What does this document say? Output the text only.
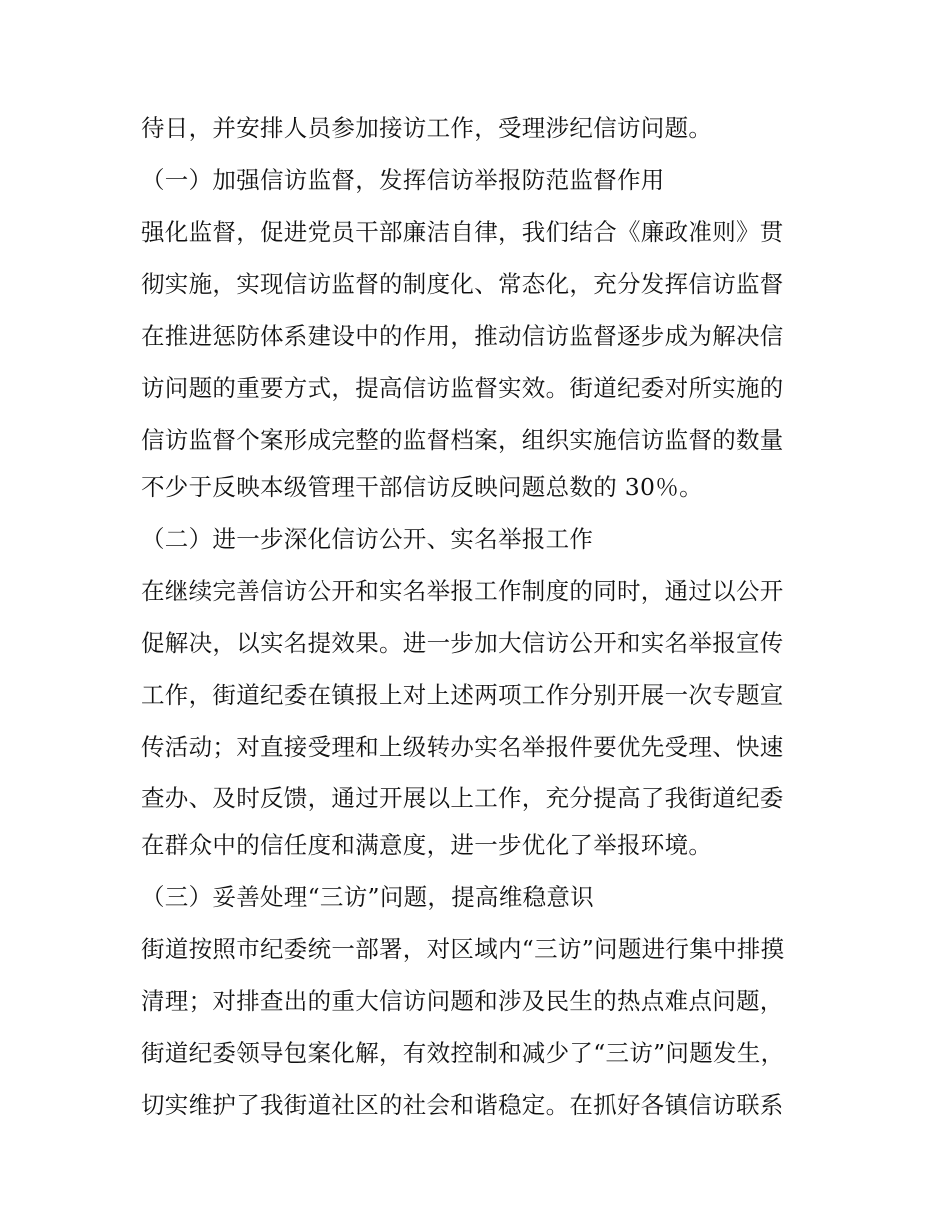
待日，并安排人员参加接访工作，受理涉纪信访问题。
（一）加强信访监督，发挥信访举报防范监督作用
强化监督，促进党员干部廉洁自律，我们结合《廉政准则》贯
彻实施，实现信访监督的制度化、常态化，充分发挥信访监督
在推进惩防体系建设中的作用，推动信访监督逐步成为解决信
访问题的重要方式，提高信访监督实效。街道纪委对所实施的
信访监督个案形成完整的监督档案，组织实施信访监督的数量
不少于反映本级管理干部信访反映问题总数的 30％。
（二）进一步深化信访公开、实名举报工作
在继续完善信访公开和实名举报工作制度的同时，通过以公开
促解决，以实名提效果。进一步加大信访公开和实名举报宣传
工作，街道纪委在镇报上对上述两项工作分别开展一次专题宣
传活动；对直接受理和上级转办实名举报件要优先受理、快速
查办、及时反馈，通过开展以上工作，充分提高了我街道纪委
在群众中的信任度和满意度，进一步优化了举报环境。
（三）妥善处理“三访”问题，提高维稳意识
街道按照市纪委统一部署，对区域内“三访”问题进行集中排摸
清理；对排查出的重大信访问题和涉及民生的热点难点问题，
街道纪委领导包案化解，有效控制和减少了“三访”问题发生，
切实维护了我街道社区的社会和谐稳定。在抓好各镇信访联系
